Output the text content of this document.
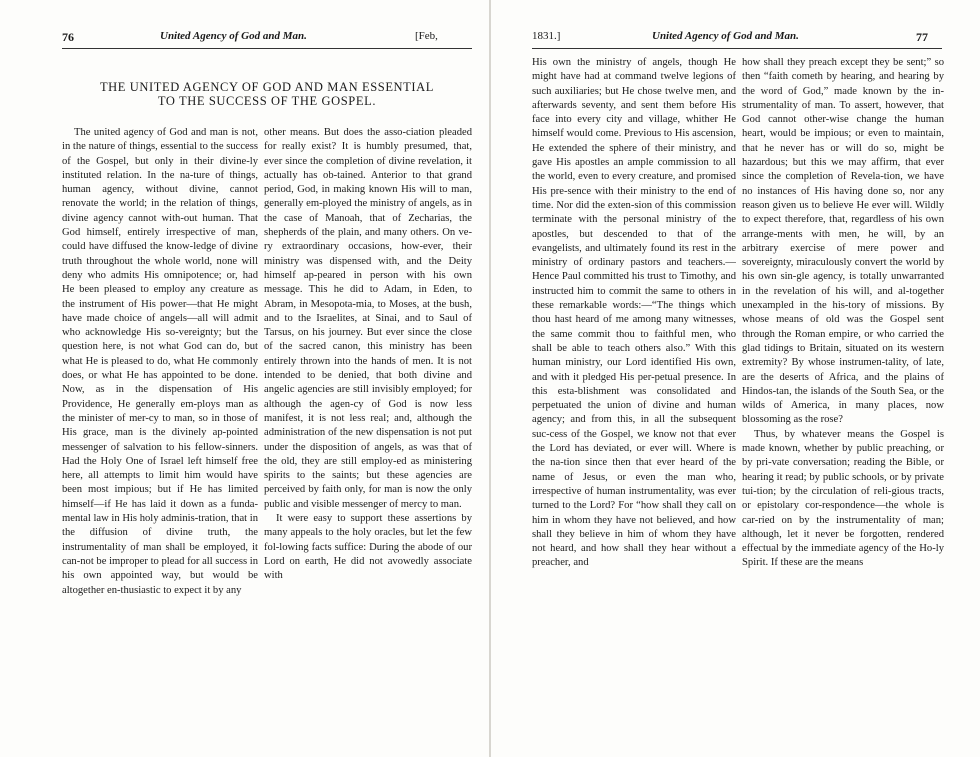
76	United Agency of God and Man.	[Feb,
THE UNITED AGENCY OF GOD AND MAN ESSENTIAL
TO THE SUCCESS OF THE GOSPEL.

The united agency of God and man is not, in the nature of things, essential to the success of the Gospel, but only in their divine-ly instituted relation. In the na-ture of things, human agency, without divine, cannot renovate the world; in the relation of things, divine agency cannot with-out human. That God himself, entirely irrespective of man, could have diffused the know-ledge of divine truth throughout the whole world, none will deny who admits His omnipotence; or, had He been pleased to employ any creature as the instrument of His power—that He might have made choice of angels—all will admit who acknowledge His so-vereignty; but the question here, is not what God can do, but what He is pleased to do, what He commonly does, or what He has appointed to be done. Now, as in the dispensation of His Providence, He generally em-ploys man as the minister of mer-cy to man, so in those of His grace, man is the divinely ap-pointed messenger of salvation to his fellow-sinners. Had the Holy One of Israel left himself free here, all attempts to limit him would have been most impious; but if He has limited himself—if He has laid it down as a funda-mental law in His holy adminis-tration, that in the diffusion of divine truth, the instrumentality of man shall be employed, it can-not be improper to plead for all success in his own appointed way, but would be altogether en-thusiastic to expect it by any

other means. But does the asso-ciation pleaded for really exist? It is humbly presumed, that, ever since the completion of divine revelation, it actually has ob-tained. Anterior to that grand period, God, in making known His will to man, generally em-ployed the ministry of angels, as in the case of Manoah, that of Zecharias, the shepherds of the plain, and many others. On ve-ry extraordinary occasions, how-ever, their ministry was dispensed with, and the Deity himself ap-peared in person with his own message. This he did to Adam, in Eden, to Abram, in Mesopota-mia, to Moses, at the bush, and to the Israelites, at Sinai, and to Saul of Tarsus, on his journey. But ever since the close of the sacred canon, this ministry has been entirely thrown into the hands of men. It is not intended to be denied, that both divine and angelic agencies are still invisibly employed; for although the agen-cy of God is now less manifest, it is not less real; and, although the administration of the new dispensation is not put under the disposition of angels, as was that of the old, they are still employ-ed as ministering spirits to the saints; but these agencies are perceived by faith only, for man is now the only public and visible messenger of mercy to man.

It were easy to support these assertions by many appeals to the holy oracles, but let the few fol-lowing facts suffice: During the abode of our Lord on earth, He did not avowedly associate with

1831.]	United Agency of God and Man.	77

His own the ministry of angels, though He might have had at command twelve legions of such auxiliaries; but He chose twelve men, and afterwards seventy, and sent them before His face into every city and village, whither He himself would come. Previous to His ascension, He extended the sphere of their ministry, and gave His apostles an ample commission to all the world, even to every creature, and promised His pre-sence with their ministry to the end of time. Nor did the exten-sion of this commission terminate with the personal ministry of the apostles, but descended to that of the evangelists, and ultimately found its rest in the ministry of ordinary pastors and teachers.—Hence Paul committed his trust to Timothy, and instructed him to commit the same to others in these remarkable words:—“The things which thou hast heard of me among many witnesses, the same commit thou to faithful men, who shall be able to teach others also.” With this human ministry, our Lord identified His own, and with it pledged His per-petual presence. In this esta-blishment was consolidated and perpetuated the union of divine and human agency; and from this, in all the subsequent suc-cess of the Gospel, we know not that ever the Lord has deviated, or ever will. Where is the na-tion since then that ever heard of the name of Jesus, or even the man who, irrespective of human instrumentality, was ever turned to the Lord? For “how shall they call on him in whom they have not believed, and how shall they believe in him of whom they have not heard, and how shall they hear without a preacher, and

how shall they preach except they be sent;” so then “faith cometh by hearing, and hearing by the word of God,” made known by the in-strumentality of man. To assert, however, that God cannot other-wise change the human heart, would be impious; or even to maintain, that he never has or will do so, might be hazardous; but this we may affirm, that ever since the completion of Revela-tion, we have no instances of His having done so, nor any reason given us to believe He ever will. Wildly to expect therefore, that, regardless of his own arrange-ments with men, he will, by an arbitrary exercise of mere power and sovereignty, miraculously convert the world by his own sin-gle agency, is totally unwarranted in the revelation of his will, and al-together unexampled in the his-tory of missions. By whose means of old was the Gospel sent through the Roman empire, or who carried the glad tidings to Britain, situated on its western extremity? By whose instrumen-tality, of late, are the deserts of Africa, and the plains of Hindos-tan, the islands of the South Sea, or the wilds of America, in many places, now blossoming as the rose?

Thus, by whatever means the Gospel is made known, whether by public preaching, or by pri-vate conversation; reading the Bible, or hearing it read; by public schools, or by private tui-tion; by the circulation of reli-gious tracts, or epistolary cor-respondence—the whole is car-ried on by the instrumentality of man; although, let it never be forgotten, rendered effectual by the immediate agency of the Ho-ly Spirit. If these are the means
